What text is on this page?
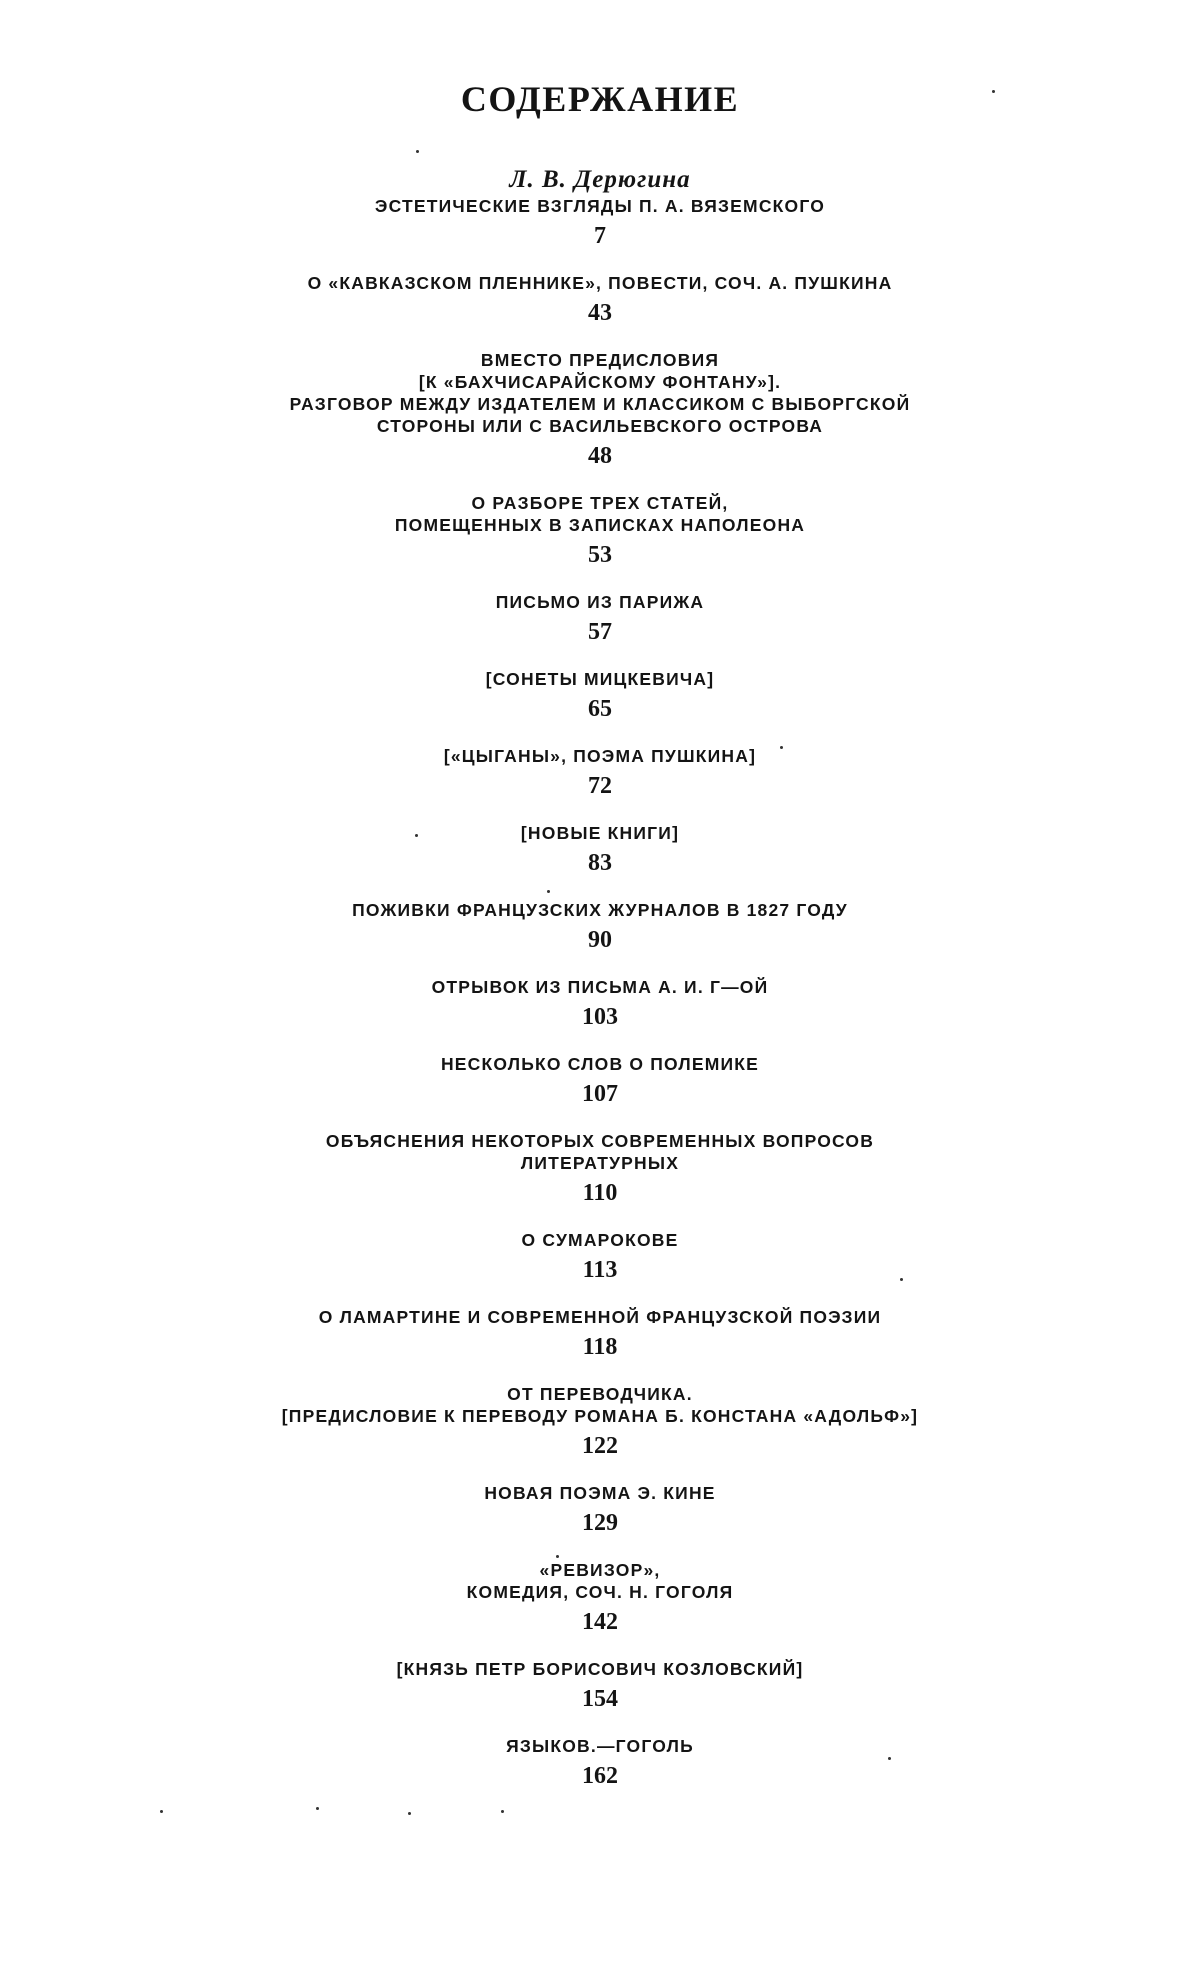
СОДЕРЖАНИЕ
Л. В. Дерюгина
ЭСТЕТИЧЕСКИЕ ВЗГЛЯДЫ П. А. ВЯЗЕМСКОГО
7
О «КАВКАЗСКОМ ПЛЕННИКЕ», ПОВЕСТИ, СОЧ. А. ПУШКИНА
43
ВМЕСТО ПРЕДИСЛОВИЯ
[К «БАХЧИСАРАЙСКОМУ ФОНТАНУ»].
РАЗГОВОР МЕЖДУ ИЗДАТЕЛЕМ И КЛАССИКОМ С ВЫБОРГСКОЙ
СТОРОНЫ ИЛИ С ВАСИЛЬЕВСКОГО ОСТРОВА
48
О РАЗБОРЕ ТРЕХ СТАТЕЙ,
ПОМЕЩЕННЫХ В ЗАПИСКАХ НАПОЛЕОНА
53
ПИСЬМО ИЗ ПАРИЖА
57
[СОНЕТЫ МИЦКЕВИЧА]
65
[«ЦЫГАНЫ», ПОЭМА ПУШКИНА]
72
[НОВЫЕ КНИГИ]
83
ПОЖИВКИ ФРАНЦУЗСКИХ ЖУРНАЛОВ В 1827 ГОДУ
90
ОТРЫВОК ИЗ ПИСЬМА А. И. Г—ОЙ
103
НЕСКОЛЬКО СЛОВ О ПОЛЕМИКЕ
107
ОБЪЯСНЕНИЯ НЕКОТОРЫХ СОВРЕМЕННЫХ ВОПРОСОВ
ЛИТЕРАТУРНЫХ
110
О СУМАРОКОВЕ
113
О ЛАМАРТИНЕ И СОВРЕМЕННОЙ ФРАНЦУЗСКОЙ ПОЭЗИИ
118
ОТ ПЕРЕВОДЧИКА.
[ПРЕДИСЛОВИЕ К ПЕРЕВОДУ РОМАНА Б. КОНСТАНА «АДОЛЬФ»]
122
НОВАЯ ПОЭМА Э. КИНЕ
129
«РЕВИЗОР»,
КОМЕДИЯ, СОЧ. Н. ГОГОЛЯ
142
[КНЯЗЬ ПЕТР БОРИСОВИЧ КОЗЛОВСКИЙ]
154
ЯЗЫКОВ.—ГОГОЛЬ
162
